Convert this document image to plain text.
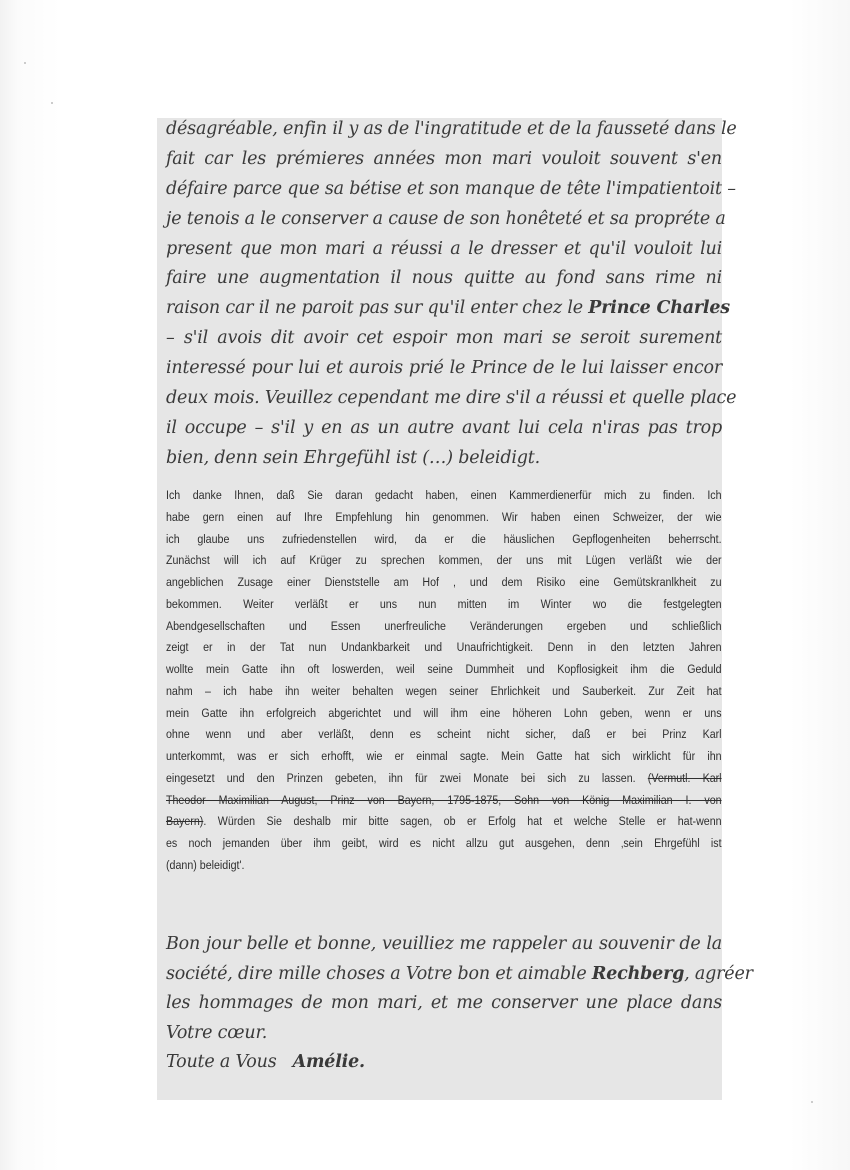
désagréable, enfin il y as de l'ingratitude et de la fausseté dans le
fait car les prémieres années mon mari vouloit souvent s'en
défaire parce que sa bétise et son manque de tête l'impatientoit –
je tenois a le conserver a cause de son honêteté et sa propréte a
present que mon mari a réussi a le dresser et qu'il vouloit lui
faire une augmentation il nous quitte au fond sans rime ni
raison car il ne paroit pas sur qu'il enter chez le Prince Charles
– s'il avois dit avoir cet espoir mon mari se seroit surement
interessé pour lui et aurois prié le Prince de le lui laisser encor
deux mois. Veuillez cependant me dire s'il a réussi et quelle place
il occupe – s'il y en as un autre avant lui cela n'iras pas trop
bien, denn sein Ehrgefühl ist (…) beleidigt.
Ich danke Ihnen, daß Sie daran gedacht haben, einen Kammerdienerfür mich zu finden. Ich
habe gern einen auf Ihre Empfehlung hin genommen. Wir haben einen Schweizer, der wie
ich glaube uns zufriedenstellen wird, da er die häuslichen Gepflogenheiten beherrscht.
Zunächst will ich auf Krüger zu sprechen kommen, der uns mit Lügen verläßt wie der
angeblichen Zusage einer Dienststelle am Hof , und dem Risiko eine Gemütskranlkheit zu
bekommen. Weiter verläßt er uns nun mitten im Winter wo die festgelegten
Abendgesellschaften und Essen unerfreuliche Veränderungen ergeben und schließlich
zeigt er in der Tat nun Undankbarkeit und Unaufrichtigkeit. Denn in den letzten Jahren
wollte mein Gatte ihn oft loswerden, weil seine Dummheit und Kopflosigkeit ihm die Geduld
nahm – ich habe ihn weiter behalten wegen seiner Ehrlichkeit und Sauberkeit. Zur Zeit hat
mein Gatte ihn erfolgreich abgerichtet und will ihm eine höheren Lohn geben, wenn er uns
ohne wenn und aber verläßt, denn es scheint nicht sicher, daß er bei Prinz Karl
unterkommt, was er sich erhofft, wie er einmal sagte. Mein Gatte hat sich wirklicht für ihn
eingesetzt und den Prinzen gebeten, ihn für zwei Monate bei sich zu lassen. (Vermutl. Karl
Theodor Maximilian August, Prinz von Bayern, 1795-1875, Sohn von König Maximilian I. von
Bayern). Würden Sie deshalb mir bitte sagen, ob er Erfolg hat et welche Stelle er hat-wenn
es noch jemanden über ihm geibt, wird es nicht allzu gut ausgehen, denn ‚sein Ehrgefühl ist
(dann) beleidigt'.
Bon jour belle et bonne, veuilliez me rappeler au souvenir de la
société, dire mille choses a Votre bon et aimable Rechberg, agréer
les hommages de mon mari, et me conserver une place dans
Votre cœur.
Toute a Vous Amélie.
